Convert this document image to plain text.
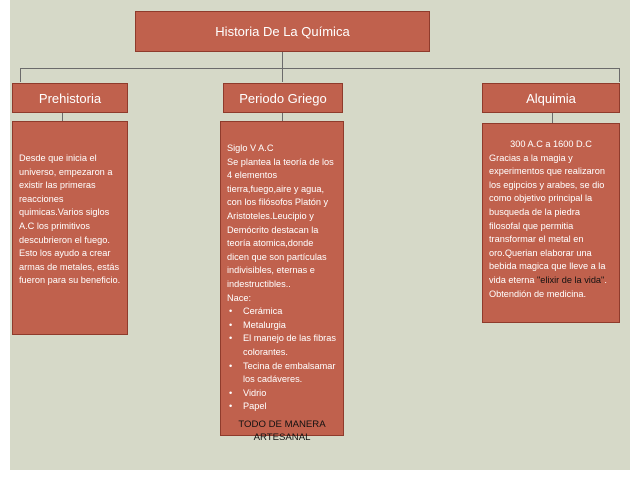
Historia De La Química
Prehistoria	Periodo Griego	Alquimia
Desde que inicia el universo, empezaron a existir las primeras reacciones quimicas.Varios siglos A.C los primitivos descubrieron el fuego. Esto los ayudo a crear armas de metales, estás fueron para su beneficio.
Siglo V A.C
Se plantea la teoría de los 4 elementos tierra,fuego,aire y agua, con los filósofos Platón y Aristoteles.Leucipio y Demócrito destacan la teoría atomica,donde dicen que son partículas indivisibles, eternas e indestructibles..
Nace:
• Cerámica
• Metalurgia
• El manejo de las fibras colorantes.
• Tecina de embalsamar los cadáveres.
• Vidrio
• Papel
TODO DE MANERA ARTESANAL
300 A.C a 1600 D.C
Gracias a la magia y experimentos que realizaron los egipcios y arabes, se dio como objetivo principal la busqueda de la piedra filosofal que permitia transformar el metal en oro.Querian elaborar una bebida magica que lleve a la vida eterna "elixir de la vida". Obtendión de medicina.
